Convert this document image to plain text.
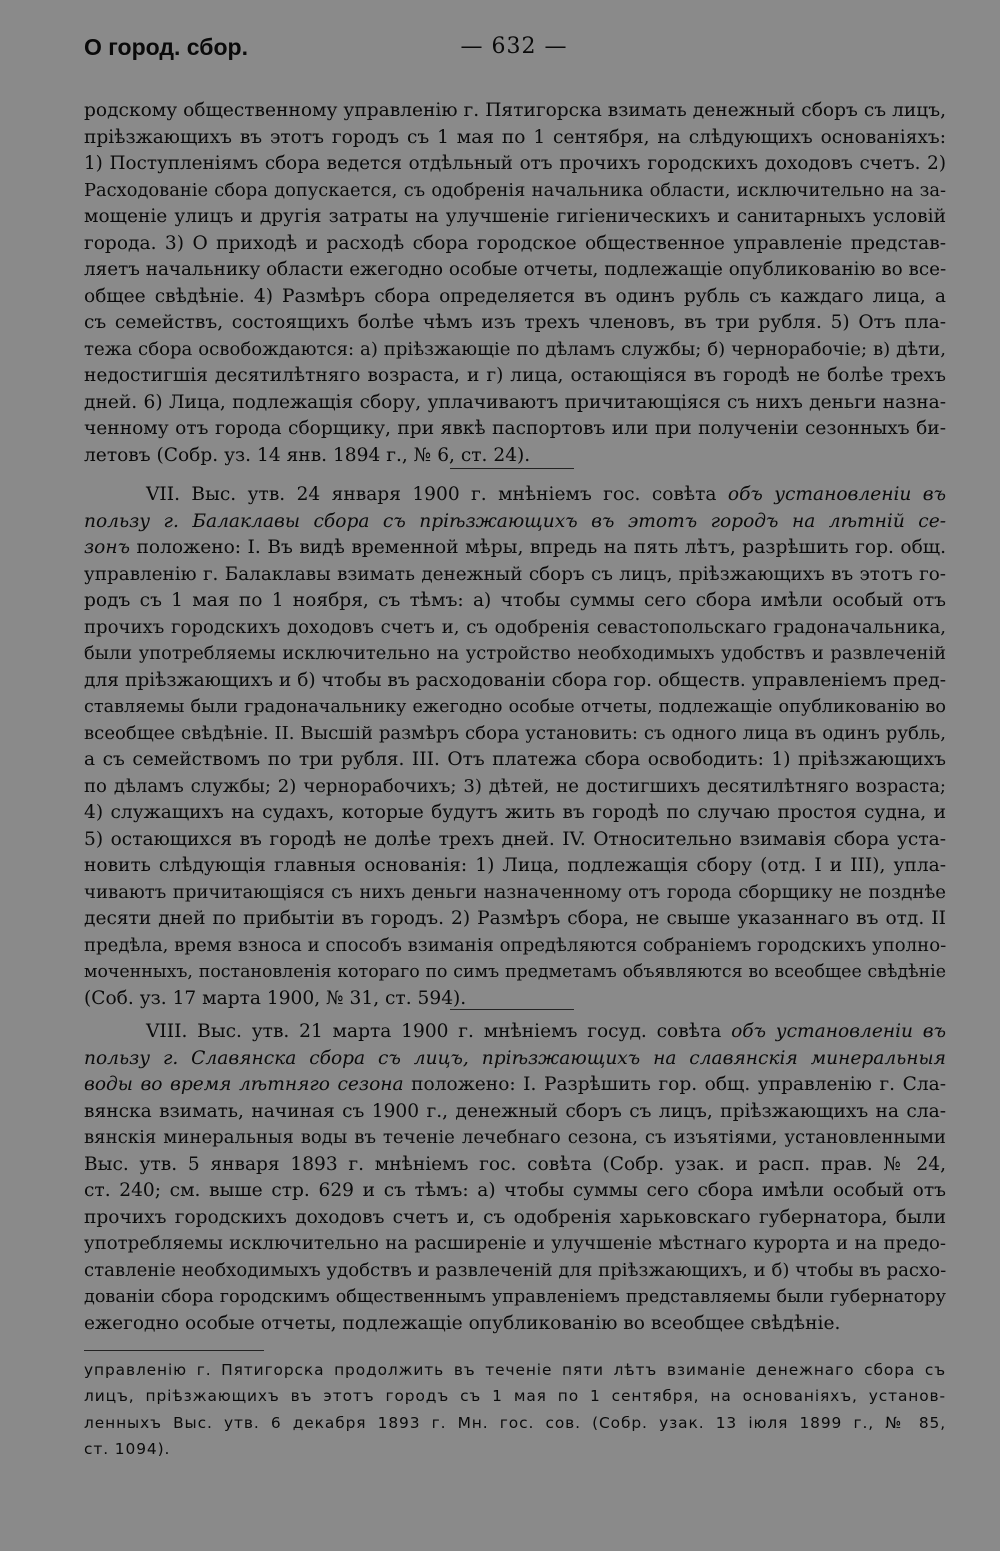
О город. сбор.	— 632 —

родскому общественному управленію г. Пятигорска взимать денежный сборъ съ лицъ,
пріѣзжающихъ въ этотъ городъ съ 1 мая по 1 сентября, на слѣдующихъ основаніяхъ:
1) Поступленіямъ сбора ведется отдѣльный отъ прочихъ городскихъ доходовъ счетъ. 2)
Расходованіе сбора допускается, съ одобренія начальника области, исключительно на за-
мощеніе улицъ и другія затраты на улучшеніе гигіеническихъ и санитарныхъ условій
города. 3) О приходѣ и расходѣ сбора городское общественное управленіе представ-
ляетъ начальнику области ежегодно особые отчеты, подлежащіе опубликованію во все-
общее свѣдѣніе. 4) Размѣръ сбора определяется въ одинъ рубль съ каждаго лица, а
съ семействъ, состоящихъ болѣе чѣмъ изъ трехъ членовъ, въ три рубля. 5) Отъ пла-
тежа сбора освобождаются: а) пріѣзжающіе по дѣламъ службы; б) чернорабочіе; в) дѣти,
недостигшія десятилѣтняго возраста, и г) лица, остающіяся въ городѣ не болѣе трехъ
дней. 6) Лица, подлежащія сбору, уплачиваютъ причитающіяся съ нихъ деньги назна-
ченному отъ города сборщику, при явкѣ паспортовъ или при полученіи сезонныхъ би-
летовъ (Собр. уз. 14 янв. 1894 г., № 6, ст. 24).

VII. Выс. утв. 24 января 1900 г. мнѣніемъ гос. совѣта объ установленіи въ
пользу г. Балаклавы сбора съ пріѣзжающихъ въ этотъ городъ на лѣтній се-
зонъ положено: I. Въ видѣ временной мѣры, впредь на пять лѣтъ, разрѣшить гор. общ.
управленію г. Балаклавы взимать денежный сборъ съ лицъ, пріѣзжающихъ въ этотъ го-
родъ съ 1 мая по 1 ноября, съ тѣмъ: а) чтобы суммы сего сбора имѣли особый отъ
прочихъ городскихъ доходовъ счетъ и, съ одобренія севастопольскаго градоначальника,
были употребляемы исключительно на устройство необходимыхъ удобствъ и развлеченій
для пріѣзжающихъ и б) чтобы въ расходованіи сбора гор. обществ. управленіемъ пред-
ставляемы были градоначальнику ежегодно особые отчеты, подлежащіе опубликованію во
всеобщее свѣдѣніе. II. Высшій размѣръ сбора установить: съ одного лица въ одинъ рубль,
а съ семействомъ по три рубля. III. Отъ платежа сбора освободить: 1) пріѣзжающихъ
по дѣламъ службы; 2) чернорабочихъ; 3) дѣтей, не достигшихъ десятилѣтняго возраста;
4) служащихъ на судахъ, которые будутъ жить въ городѣ по случаю простоя судна, и
5) остающихся въ городѣ не долѣе трехъ дней. IV. Относительно взимавія сбора уста-
новить слѣдующія главныя основанія: 1) Лица, подлежащія сбору (отд. I и III), упла-
чиваютъ причитающіяся съ нихъ деньги назначенному отъ города сборщику не позднѣе
десяти дней по прибытіи въ городъ. 2) Размѣръ сбора, не свыше указаннаго въ отд. II
предѣла, время взноса и способъ взиманія опредѣляются собраніемъ городскихъ уполно-
моченныхъ, постановленія котораго по симъ предметамъ объявляются во всеобщее свѣдѣніе
(Соб. уз. 17 марта 1900, № 31, ст. 594).

VIII. Выс. утв. 21 марта 1900 г. мнѣніемъ госуд. совѣта объ установленіи въ
пользу г. Славянска сбора съ лицъ, пріѣзжающихъ на славянскія минеральныя
воды во время лѣтняго сезона положено: I. Разрѣшить гор. общ. управленію г. Сла-
вянска взимать, начиная съ 1900 г., денежный сборъ съ лицъ, пріѣзжающихъ на сла-
вянскія минеральныя воды въ теченіе лечебнаго сезона, съ изъятіями, установленными
Выс. утв. 5 января 1893 г. мнѣніемъ гос. совѣта (Собр. узак. и расп. прав. № 24,
ст. 240; см. выше стр. 629 и съ тѣмъ: а) чтобы суммы сего сбора имѣли особый отъ
прочихъ городскихъ доходовъ счетъ и, съ одобренія харьковскаго губернатора, были
употребляемы исключительно на расширеніе и улучшеніе мѣстнаго курорта и на предо-
ставленіе необходимыхъ удобствъ и развлеченій для пріѣзжающихъ, и б) чтобы въ расхо-
дованіи сбора городскимъ общественнымъ управленіемъ представляемы были губернатору
ежегодно особые отчеты, подлежащіе опубликованію во всеобщее свѣдѣніе.

управленію г. Пятигорска продолжить въ теченіе пяти лѣтъ взиманіе денежнаго сбора съ
лицъ, пріѣзжающихъ въ этотъ городъ съ 1 мая по 1 сентября, на основаніяхъ, установ-
ленныхъ Выс. утв. 6 декабря 1893 г. Мн. гос. сов. (Собр. узак. 13 іюля 1899 г., № 85,
ст. 1094).
